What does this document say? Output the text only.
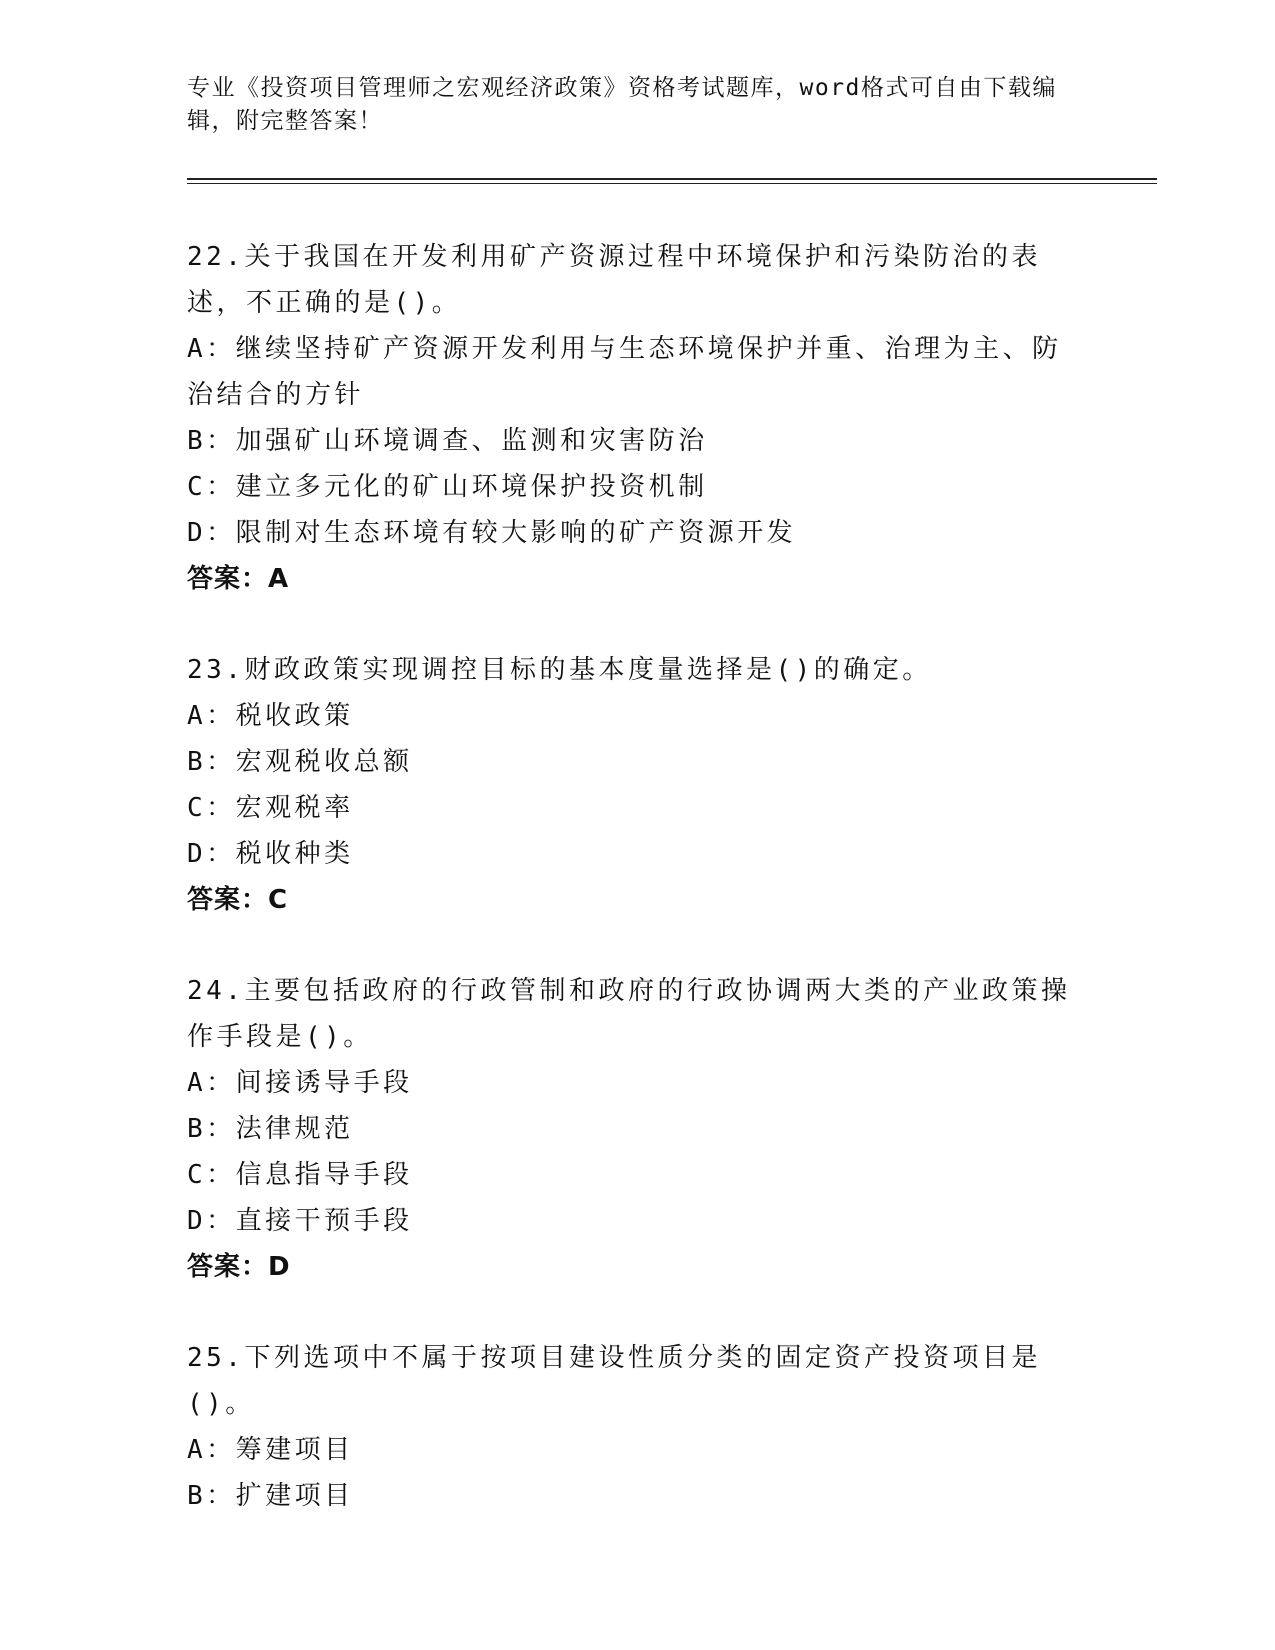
专业《投资项目管理师之宏观经济政策》资格考试题库，word格式可自由下载编辑，附完整答案！
22.关于我国在开发利用矿产资源过程中环境保护和污染防治的表述，不正确的是()。
A：继续坚持矿产资源开发利用与生态环境保护并重、治理为主、防治结合的方针
B：加强矿山环境调查、监测和灾害防治
C：建立多元化的矿山环境保护投资机制
D：限制对生态环境有较大影响的矿产资源开发
答案：A
23.财政政策实现调控目标的基本度量选择是()的确定。
A：税收政策
B：宏观税收总额
C：宏观税率
D：税收种类
答案：C
24.主要包括政府的行政管制和政府的行政协调两大类的产业政策操作手段是()。
A：间接诱导手段
B：法律规范
C：信息指导手段
D：直接干预手段
答案：D
25.下列选项中不属于按项目建设性质分类的固定资产投资项目是()。
A：筹建项目
B：扩建项目
